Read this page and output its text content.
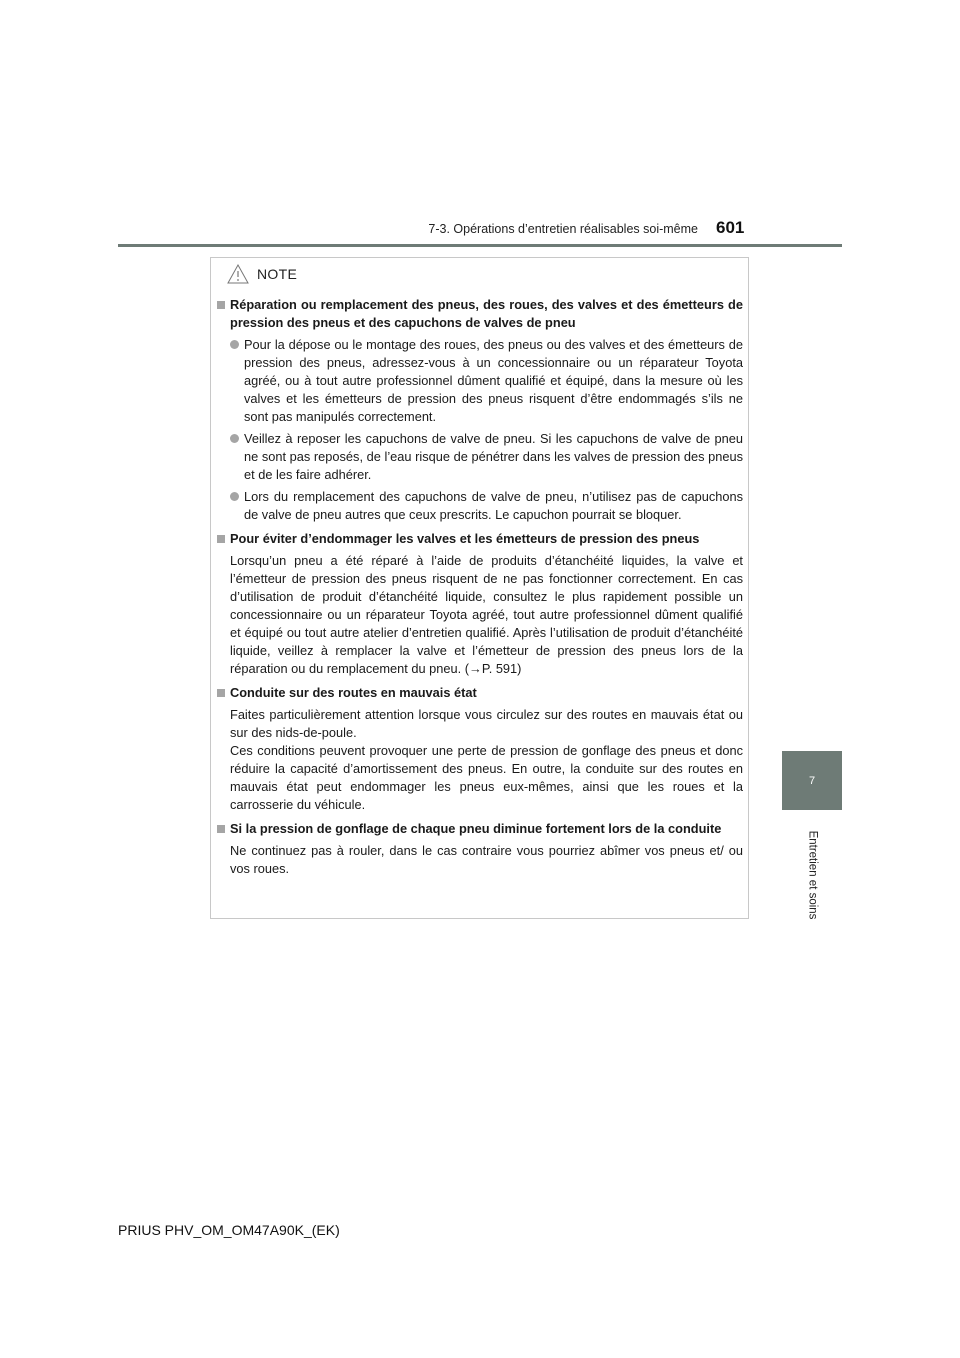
7-3. Opérations d’entretien réalisables soi-même 601
7
Entretien et soins
NOTE
Réparation ou remplacement des pneus, des roues, des valves et des émetteurs de pression des pneus et des capuchons de valves de pneu
Pour la dépose ou le montage des roues, des pneus ou des valves et des émetteurs de pression des pneus, adressez-vous à un concessionnaire ou un réparateur Toyota agréé, ou à tout autre professionnel dûment qualifié et équipé, dans la mesure où les valves et les émetteurs de pression des pneus risquent d’être endommagés s’ils ne sont pas manipulés correctement.
Veillez à reposer les capuchons de valve de pneu. Si les capuchons de valve de pneu ne sont pas reposés, de l’eau risque de pénétrer dans les valves de pression des pneus et de les faire adhérer.
Lors du remplacement des capuchons de valve de pneu, n’utilisez pas de capuchons de valve de pneu autres que ceux prescrits. Le capuchon pourrait se bloquer.
Pour éviter d’endommager les valves et les émetteurs de pression des pneus
Lorsqu’un pneu a été réparé à l’aide de produits d’étanchéité liquides, la valve et l’émetteur de pression des pneus risquent de ne pas fonctionner correctement. En cas d’utilisation de produit d’étanchéité liquide, consultez le plus rapidement possible un concessionnaire ou un réparateur Toyota agréé, tout autre professionnel dûment qualifié et équipé ou tout autre atelier d’entretien qualifié. Après l’utilisation de produit d’étanchéité liquide, veillez à remplacer la valve et l’émetteur de pression des pneus lors de la réparation ou du remplacement du pneu. (→P. 591)
Conduite sur des routes en mauvais état
Faites particulièrement attention lorsque vous circulez sur des routes en mauvais état ou sur des nids-de-poule.
Ces conditions peuvent provoquer une perte de pression de gonflage des pneus et donc réduire la capacité d’amortissement des pneus. En outre, la conduite sur des routes en mauvais état peut endommager les pneus eux-mêmes, ainsi que les roues et la carrosserie du véhicule.
Si la pression de gonflage de chaque pneu diminue fortement lors de la conduite
Ne continuez pas à rouler, dans le cas contraire vous pourriez abîmer vos pneus et/ ou vos roues.
PRIUS PHV_OM_OM47A90K_(EK)
